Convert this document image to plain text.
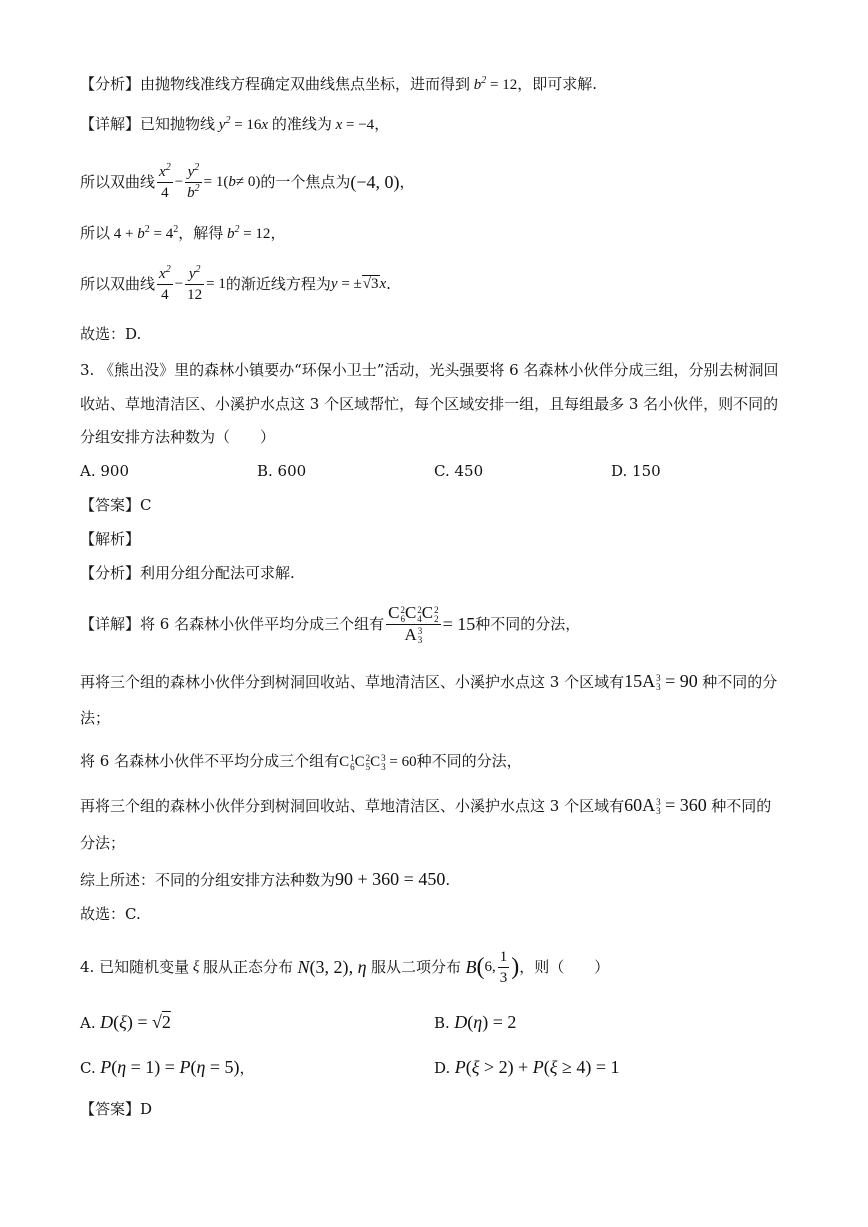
【分析】由抛物线准线方程确定双曲线焦点坐标，进而得到 $b^2 = 12$，即可求解.
【详解】已知抛物线 $y^2 = 16x$ 的准线为 x = −4，
所以双曲线 $\frac{x^2}{4} - \frac{y^2}{b^2} = 1$( b ≠ 0) 的一个焦点为 (−4, 0) ，
所以 $4 + b^2 = 4^2$，解得 $b^2 = 12$，
所以双曲线 $\frac{x^2}{4} - \frac{y^2}{12} = 1$ 的渐近线方程为 y = ±√3x .
故选：D.
3. 《熊出没》里的森林小镇要办“环保小卫士”活动，光头强要将 6 名森林小伙伴分成三组，分别去树洞回
收站、草地清洁区、小溪护水点这 3 个区域帮忙，每个区域安排一组，且每组最多 3 名小伙伴，则不同的
分组安排方法种数为（　　）
A. 900	B. 600	C. 450	D. 150
【答案】C
【解析】
【分析】利用分组分配法可求解.
【详解】将 6 名森林小伙伴平均分成三个组有 C 2
6 C 2
4 C 2
2
A 3
3 = 15 种不同的分法，
再将三个组的森林小伙伴分到树洞回收站、草地清洁区、小溪护水点这 3 个区域有15A 3
3 = 90 种不同的分
法；
将 6 名森林小伙伴不平均分成三个组有C 1
6 C 2
5 C 3
3 = 60种不同的分法，
再将三个组的森林小伙伴分到树洞回收站、草地清洁区、小溪护水点这 3 个区域有60A 3
3 = 360 种不同的
分法；
综上所述：不同的分组安排方法种数为90 + 360 = 450.
故选：C.
4. 已知随机变量 ξ 服从正态分布 N(3, 2), η 服从二项分布 B ( 6, $\frac{1}{3}$ ) ，则（　　）
A. D(ξ) = √2	B. D(η) = 2
C. P(η = 1) = P(η = 5)，	D. P(ξ > 2) + P(ξ ≥ 4) = 1
【答案】D
